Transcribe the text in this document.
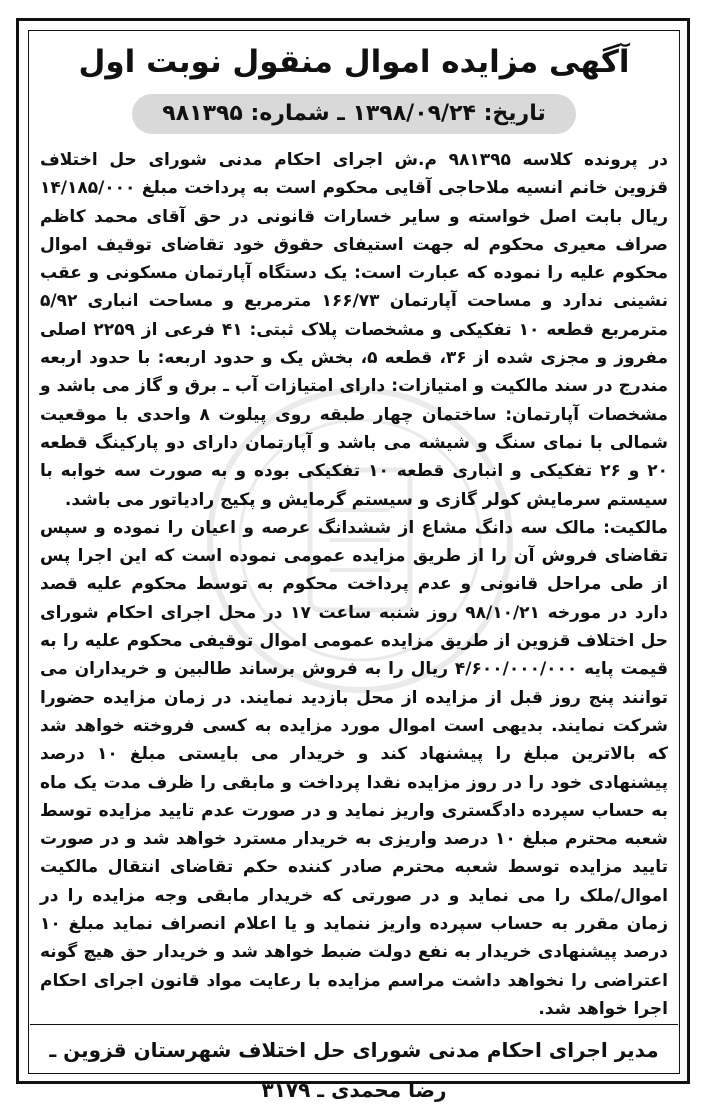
آگهی مزایده اموال منقول نوبت اول
تاریخ: ۱۳۹۸/۰۹/۲۴ ـ شماره: ۹۸۱۳۹۵

در پرونده کلاسه ۹۸۱۳۹۵ م.ش اجرای احکام مدنی شورای حل اختلاف قزوین خانم انسیه ملاحاجی آقایی محکوم است به پرداخت مبلغ ۱۴/۱۸۵/۰۰۰ ریال بابت اصل خواسته و سایر خسارات قانونی در حق آقای محمد کاظم صراف معیری محکوم له جهت استیفای حقوق خود تقاضای توقیف اموال محکوم علیه را نموده که عبارت است: یک دستگاه آپارتمان مسکونی و عقب نشینی ندارد و مساحت آپارتمان ۱۶۶/۷۳ مترمربع و مساحت انباری ۵/۹۲ مترمربع قطعه ۱۰ تفکیکی و مشخصات پلاک ثبتی: ۴۱ فرعی از ۲۲۵۹ اصلی مفروز و مجزی شده از ۳۶، قطعه ۵، بخش یک و حدود اربعه: با حدود اربعه مندرج در سند مالکیت و امتیازات: دارای امتیازات آب ـ برق و گاز می باشد و مشخصات آپارتمان: ساختمان چهار طبقه روی پیلوت ۸ واحدی با موقعیت شمالی با نمای سنگ و شیشه می باشد و آپارتمان دارای دو پارکینگ قطعه ۲۰ و ۲۶ تفکیکی و انباری قطعه ۱۰ تفکیکی بوده و به صورت سه خوابه با سیستم سرمایش کولر گازی و سیستم گرمایش و پکیج رادیاتور می باشد.

مالکیت: مالک سه دانگ مشاع از ششدانگ عرصه و اعیان را نموده و سپس تقاضای فروش آن را از طریق مزایده عمومی نموده است که این اجرا پس از طی مراحل قانونی و عدم پرداخت محکوم به توسط محکوم علیه قصد دارد در مورخه ۹۸/۱۰/۲۱ روز شنبه ساعت ۱۷ در محل اجرای احکام شورای حل اختلاف قزوین از طریق مزایده عمومی اموال توقیفی محکوم علیه را به قیمت پایه ۴/۶۰۰/۰۰۰/۰۰۰ ریال را به فروش برساند طالبین و خریداران می توانند پنج روز قبل از مزایده از محل بازدید نمایند. در زمان مزایده حضورا شرکت نمایند. بدیهی است اموال مورد مزایده به کسی فروخته خواهد شد که بالاترین مبلغ را پیشنهاد کند و خریدار می بایستی مبلغ ۱۰ درصد پیشنهادی خود را در روز مزایده نقدا پرداخت و مابقی را ظرف مدت یک ماه به حساب سپرده دادگستری واریز نماید و در صورت عدم تایید مزایده توسط شعبه محترم مبلغ ۱۰ درصد واریزی به خریدار مسترد خواهد شد و در صورت تایید مزایده توسط شعبه محترم صادر کننده حکم تقاضای انتقال مالکیت اموال/ملک را می نماید و در صورتی که خریدار مابقی وجه مزایده را در زمان مقرر به حساب سپرده واریز ننماید و یا اعلام انصراف نماید مبلغ ۱۰ درصد پیشنهادی خریدار به نفع دولت ضبط خواهد شد و خریدار حق هیچ گونه اعتراضی را نخواهد داشت مراسم مزایده با رعایت مواد قانون اجرای احکام اجرا خواهد شد.

مدیر اجرای احکام مدنی شورای حل اختلاف شهرستان قزوین ـ رضا محمدی ـ ۳۱۷۹
